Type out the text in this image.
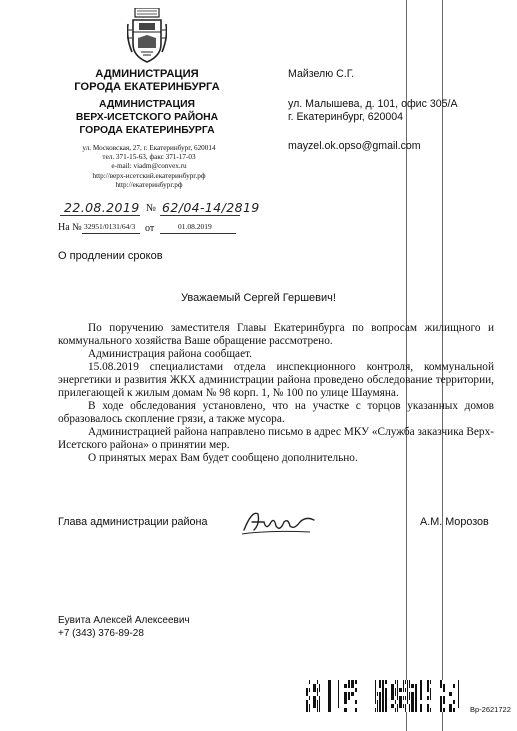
АДМИНИСТРАЦИЯ
ГОРОДА ЕКАТЕРИНБУРГА
АДМИНИСТРАЦИЯ
ВЕРХ-ИСЕТСКОГО РАЙОНА
ГОРОДА ЕКАТЕРИНБУРГА
ул. Московская, 27, г. Екатеринбург, 620014
тел. 371-15-63, факс 371-17-03
e-mail: viadm@convex.ru
http://верх-исетский.екатеринбург.рф
http://екатеринбург.рф
22.08.2019 № 62/04-14/2819
На № 32951/0131/64/3 от	01.08.2019
Майзелю С.Г.
ул. Малышева, д. 101, офис 305/А
г. Екатеринбург, 620004
mayzel.ok.opso@gmail.com
О продлении сроков
Уважаемый Сергей Гершевич!

По поручению заместителя Главы Екатеринбурга по вопросам жилищного и коммунального хозяйства Ваше обращение рассмотрено.

Администрация района сообщает.

15.08.2019 специалистами отдела инспекционного контроля, коммунальной энергетики и развития ЖКХ администрации района проведено обследование территории, прилегающей к жилым домам № 98 корп. 1, № 100 по улице Шаумяна.

В ходе обследования установлено, что на участке с торцов указанных домов образовалось скопление грязи, а также мусора.

Администрацией района направлено письмо в адрес МКУ «Служба заказчика Верх-Исетского района» о принятии мер.

О принятых мерах Вам будет сообщено дополнительно.

Глава администрации района	А.М. Морозов
Еувита Алексей Алексеевич
+7 (343) 376-89-28
Вр-2621722
